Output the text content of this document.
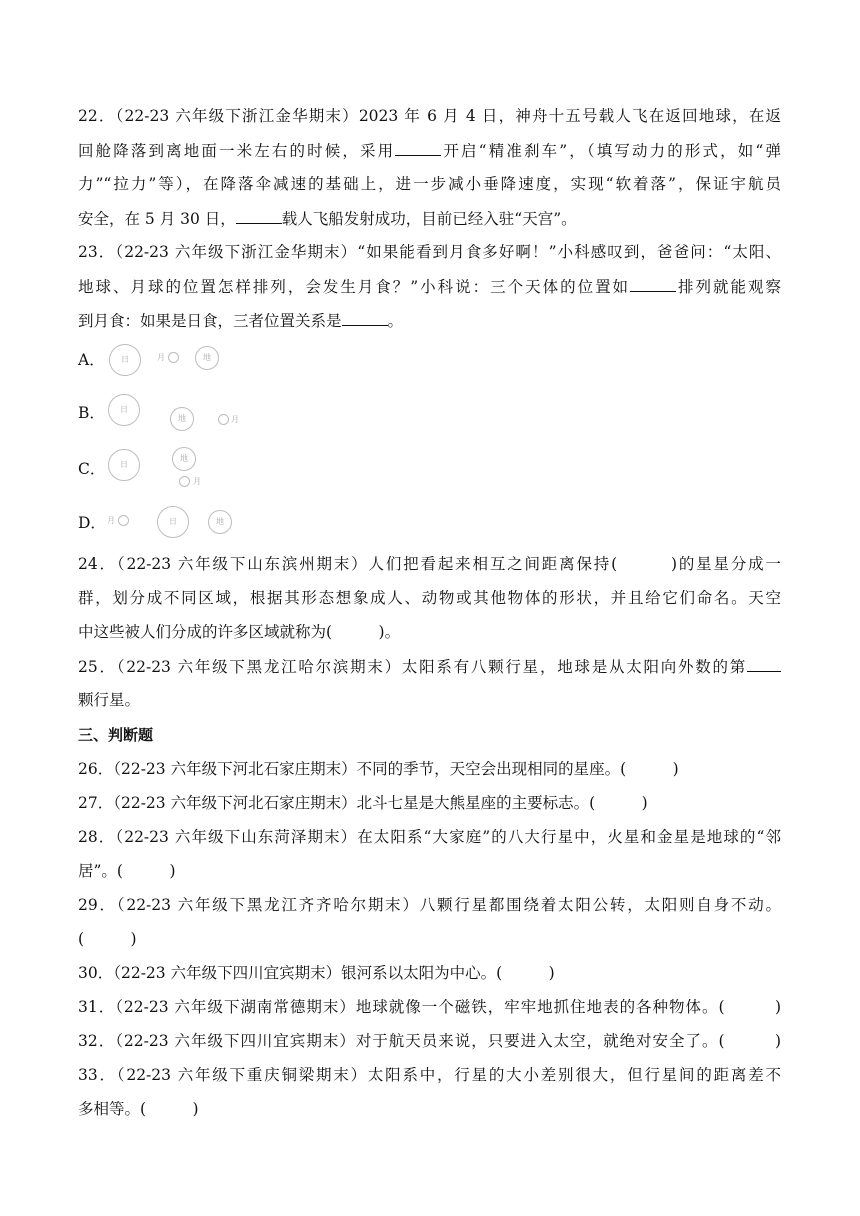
22．（22-23 六年级下浙江金华期末）2023 年 6 月 4 日，神舟十五号载人飞在返回地球，在返
回舱降落到离地面一米左右的时候，采用	开启“精准刹车”，（填写动力的形式，如“弹
力”“拉力”等），在降落伞减速的基础上，进一步减小垂降速度，实现“软着落”，保证宇航员
安全，在 5 月 30 日，	载人飞船发射成功，目前已经入驻“天宫”。
23．（22-23 六年级下浙江金华期末）“如果能看到月食多好啊！”小科感叹到，爸爸问：“太阳、
地球、月球的位置怎样排列，会发生月食？”小科说：三个天体的位置如	排列就能观察
到月食：如果是日食，三者位置关系是	。
A． 日	月	地
B． 日
地	月
C． 日
地
月
D． 月	日	地
24．（22-23 六年级下山东滨州期末）人们把看起来相互之间距离保持(　　　)的星星分成一
群，划分成不同区域，根据其形态想象成人、动物或其他物体的形状，并且给它们命名。天空
中这些被人们分成的许多区域就称为(　　　)。
25．（22-23 六年级下黑龙江哈尔滨期末）太阳系有八颗行星，地球是从太阳向外数的第
颗行星。
三、判断题
26．（22-23 六年级下河北石家庄期末）不同的季节，天空会出现相同的星座。(　　　)
27．（22-23 六年级下河北石家庄期末）北斗七星是大熊星座的主要标志。(　　　)
28．（22-23 六年级下山东菏泽期末）在太阳系“大家庭”的八大行星中，火星和金星是地球的“邻
居”。(　　　)
29．（22-23 六年级下黑龙江齐齐哈尔期末）八颗行星都围绕着太阳公转，太阳则自身不动。
(　　　)
30．（22-23 六年级下四川宜宾期末）银河系以太阳为中心。(　　　)
31．（22-23 六年级下湖南常德期末）地球就像一个磁铁，牢牢地抓住地表的各种物体。(　　　)
32．（22-23 六年级下四川宜宾期末）对于航天员来说，只要进入太空，就绝对安全了。(　　　)
33．（22-23 六年级下重庆铜梁期末）太阳系中，行星的大小差别很大，但行星间的距离差不
多相等。(　　　)
